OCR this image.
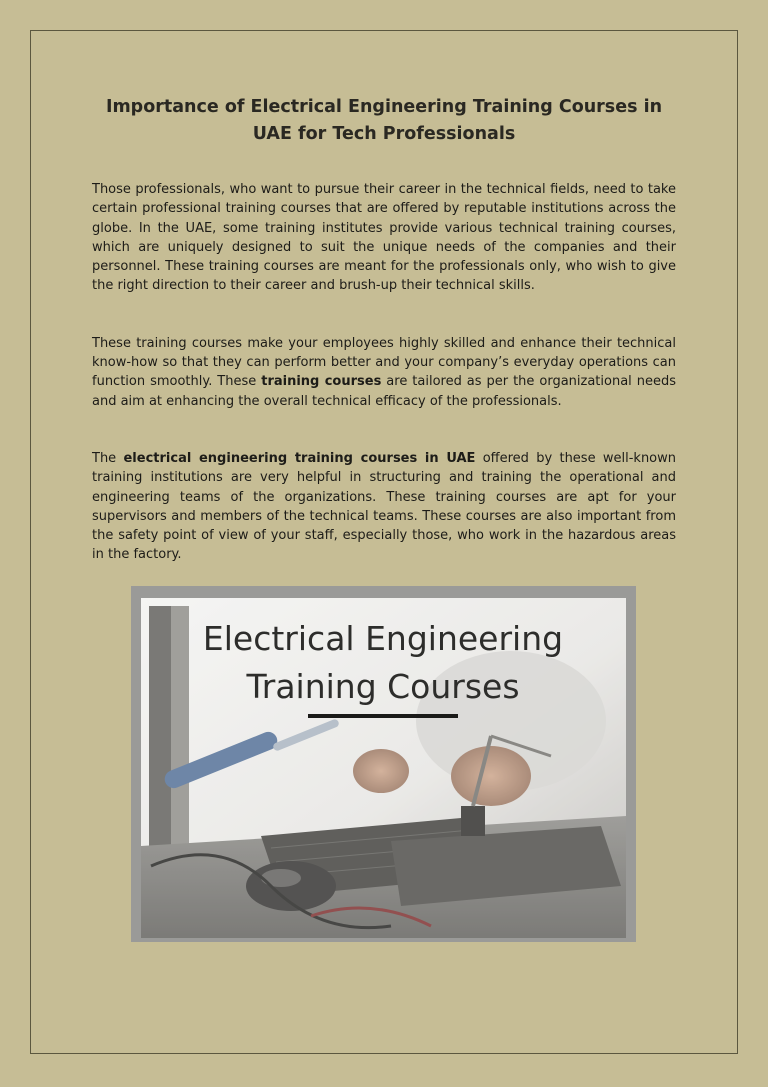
Importance of Electrical Engineering Training Courses in UAE for Tech Professionals

Those professionals, who want to pursue their career in the technical fields, need to take certain professional training courses that are offered by reputable institutions across the globe. In the UAE, some training institutes provide various technical training courses, which are uniquely designed to suit the unique needs of the companies and their personnel. These training courses are meant for the professionals only, who wish to give the right direction to their career and brush-up their technical skills.

These training courses make your employees highly skilled and enhance their technical know-how so that they can perform better and your company’s everyday operations can function smoothly. These training courses are tailored as per the organizational needs and aim at enhancing the overall technical efficacy of the professionals.

The electrical engineering training courses in UAE offered by these well-known training institutions are very helpful in structuring and training the operational and engineering teams of the organizations. These training courses are apt for your supervisors and members of the technical teams. These courses are also important from the safety point of view of your staff, especially those, who work in the hazardous areas in the factory.

Electrical Engineering
Training Courses
